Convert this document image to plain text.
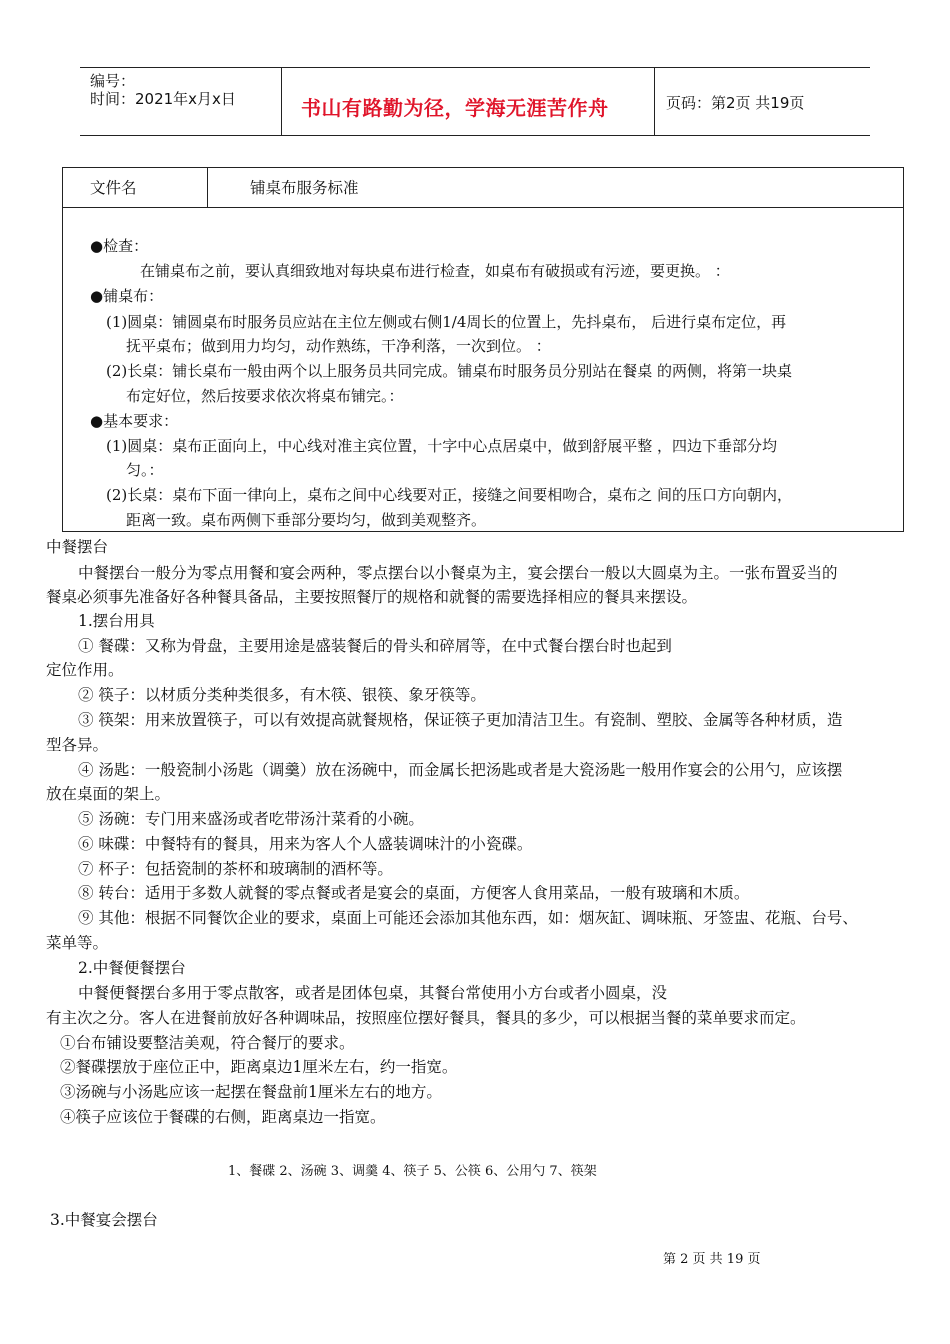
编号：
时间：2021年x月x日	书山有路勤为径，学海无涯苦作舟	页码：第2页 共19页
文件名	铺桌布服务标准
●检查：
在铺桌布之前，要认真细致地对每块桌布进行检查，如桌布有破损或有污迹，要更换。 ：
●铺桌布：
(1)圆桌：铺圆桌布时服务员应站在主位左侧或右侧1/4周长的位置上，先抖桌布， 后进行桌布定位，再
抚平桌布；做到用力均匀，动作熟练，干净利落，一次到位。 ：
(2)长桌：铺长桌布一般由两个以上服务员共同完成。铺桌布时服务员分别站在餐桌 的两侧，将第一块桌
布定好位，然后按要求依次将桌布铺完。：
●基本要求：
(1)圆桌：桌布正面向上，中心线对准主宾位置，十字中心点居桌中，做到舒展平整 ，四边下垂部分均
匀。：
(2)长桌：桌布下面一律向上，桌布之间中心线要对正，接缝之间要相吻合，桌布之 间的压口方向朝内，
距离一致。桌布两侧下垂部分要均匀，做到美观整齐。
中餐摆台
中餐摆台一般分为零点用餐和宴会两种，零点摆台以小餐桌为主，宴会摆台一般以大圆桌为主。一张布置妥当的
餐桌必须事先准备好各种餐具备品，主要按照餐厅的规格和就餐的需要选择相应的餐具来摆设。
1.摆台用具
① 餐碟：又称为骨盘，主要用途是盛装餐后的骨头和碎屑等，在中式餐台摆台时也起到
定位作用。
② 筷子：以材质分类种类很多，有木筷、银筷、象牙筷等。
③ 筷架：用来放置筷子，可以有效提高就餐规格，保证筷子更加清洁卫生。有瓷制、塑胶、金属等各种材质，造
型各异。
④ 汤匙：一般瓷制小汤匙（调羹）放在汤碗中，而金属长把汤匙或者是大瓷汤匙一般用作宴会的公用勺，应该摆
放在桌面的架上。
⑤ 汤碗：专门用来盛汤或者吃带汤汁菜肴的小碗。
⑥ 味碟：中餐特有的餐具，用来为客人个人盛装调味汁的小瓷碟。
⑦ 杯子：包括瓷制的茶杯和玻璃制的酒杯等。
⑧ 转台：适用于多数人就餐的零点餐或者是宴会的桌面，方便客人食用菜品，一般有玻璃和木质。
⑨ 其他：根据不同餐饮企业的要求，桌面上可能还会添加其他东西，如：烟灰缸、调味瓶、牙签盅、花瓶、台号、
菜单等。
2.中餐便餐摆台
中餐便餐摆台多用于零点散客，或者是团体包桌，其餐台常使用小方台或者小圆桌，没
有主次之分。客人在进餐前放好各种调味品，按照座位摆好餐具，餐具的多少，可以根据当餐的菜单要求而定。
①台布铺设要整洁美观，符合餐厅的要求。
②餐碟摆放于座位正中，距离桌边1厘米左右，约一指宽。
③汤碗与小汤匙应该一起摆在餐盘前1厘米左右的地方。
④筷子应该位于餐碟的右侧，距离桌边一指宽。
1、餐碟 2、汤碗 3、调羹 4、筷子 5、公筷 6、公用勺 7、筷架
3.中餐宴会摆台
第 2 页 共 19 页
